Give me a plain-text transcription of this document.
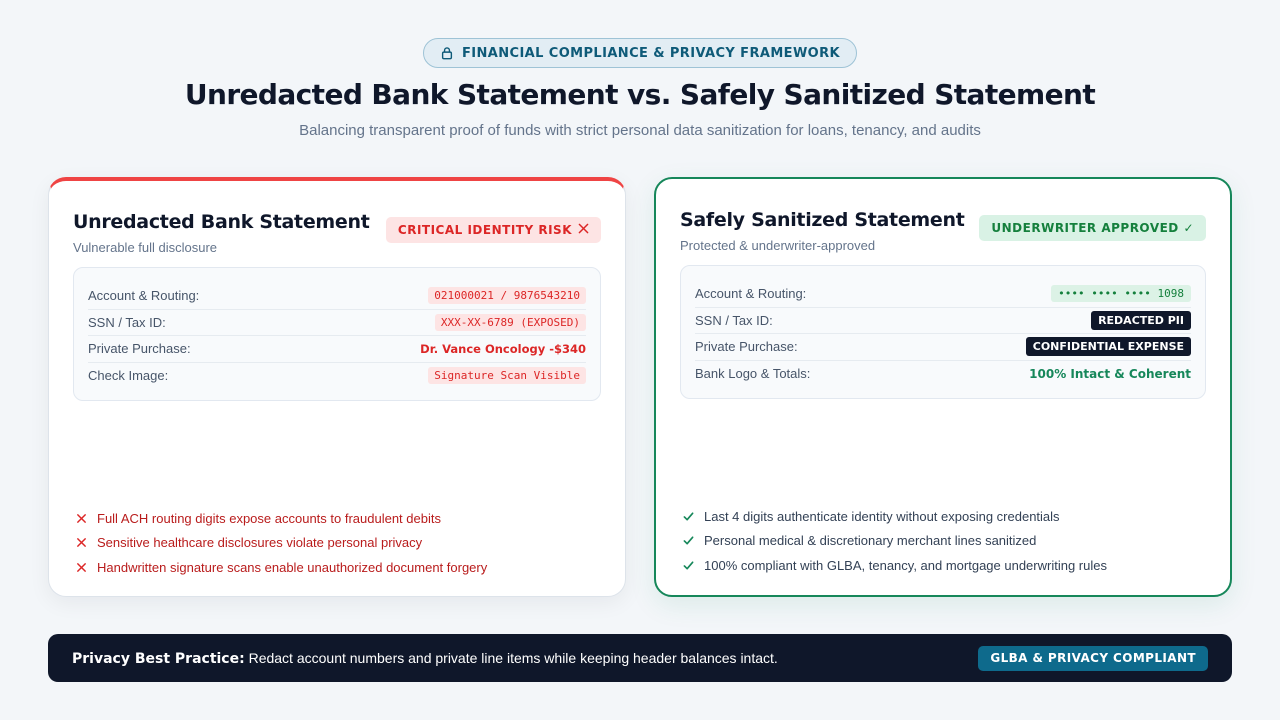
FINANCIAL COMPLIANCE & PRIVACY FRAMEWORK
Unredacted Bank Statement vs. Safely Sanitized Statement

Balancing transparent proof of funds with strict personal data sanitization for loans, tenancy, and audits

Unredacted Bank Statement

Vulnerable full disclosure

CRITICAL IDENTITY RISK
Account & Routing:	021000021 / 9876543210
SSN / Tax ID:	XXX-XX-6789 (EXPOSED)
Private Purchase:	Dr. Vance Oncology -$340
Check Image:	Signature Scan Visible
Full ACH routing digits expose accounts to fraudulent debits
Sensitive healthcare disclosures violate personal privacy
Handwritten signature scans enable unauthorized document forgery
Safely Sanitized Statement

Protected & underwriter-approved

UNDERWRITER APPROVED ✓
Account & Routing:	•••• •••• •••• 1098
SSN / Tax ID:	REDACTED PII
Private Purchase:	CONFIDENTIAL EXPENSE
Bank Logo & Totals:	100% Intact & Coherent
Last 4 digits authenticate identity without exposing credentials
Personal medical & discretionary merchant lines sanitized
100% compliant with GLBA, tenancy, and mortgage underwriting rules

Privacy Best Practice: Redact account numbers and private line items while keeping header balances intact.	GLBA & PRIVACY COMPLIANT
